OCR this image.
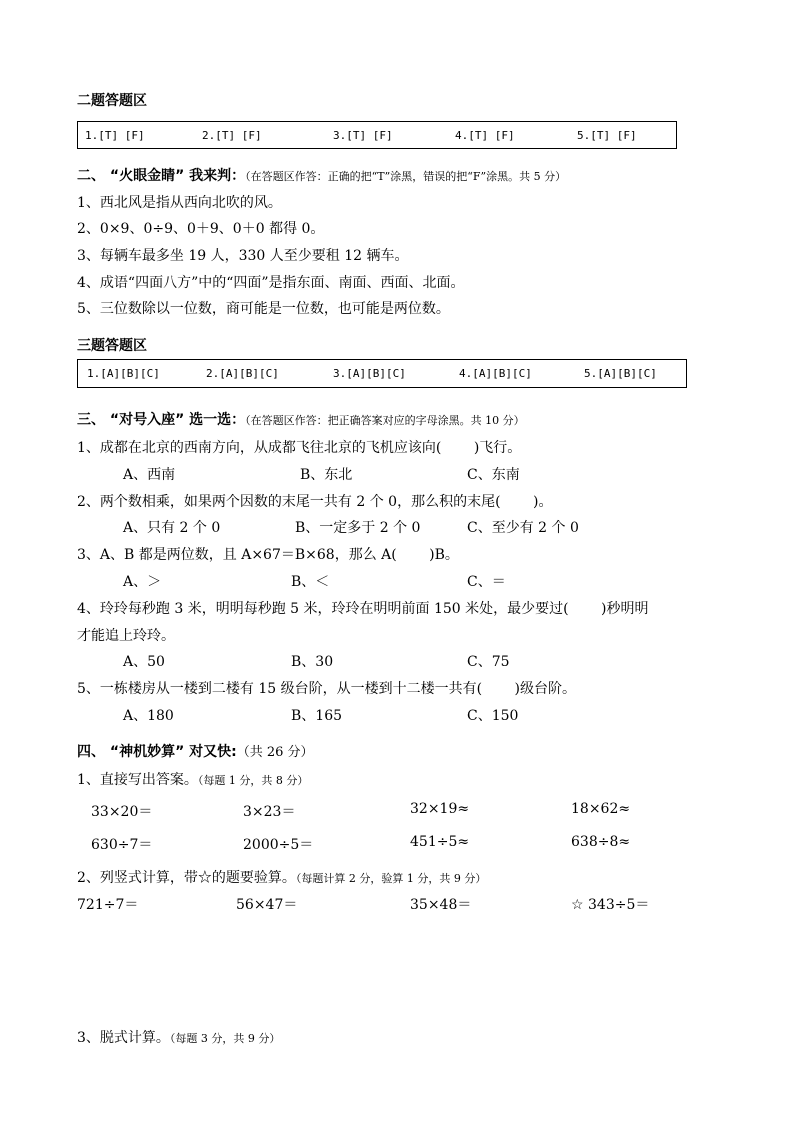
二题答题区
1.[T] [F]	2.[T] [F]	3.[T] [F]	4.[T] [F]	5.[T] [F]
二、 “火眼金睛” 我来判：（在答题区作答：正确的把“T”涂黑，错误的把“F”涂黑。共 5 分）
1、西北风是指从西向北吹的风。
2、0×9、0÷9、0＋9、0＋0 都得 0。
3、每辆车最多坐 19 人，330 人至少要租 12 辆车。
4、成语“四面八方”中的“四面”是指东面、南面、西面、北面。
5、三位数除以一位数，商可能是一位数，也可能是两位数。
三题答题区
1.[A][B][C]	2.[A][B][C]	3.[A][B][C]	4.[A][B][C]	5.[A][B][C]
三、 “对号入座” 选一选：（在答题区作答：把正确答案对应的字母涂黑。共 10 分）
1、成都在北京的西南方向，从成都飞往北京的飞机应该向(　　 )飞行。
A、西南	B、东北	C、东南
2、两个数相乘，如果两个因数的末尾一共有 2 个 0，那么积的末尾(　　 )。
A、只有 2 个 0	B、一定多于 2 个 0	C、至少有 2 个 0
3、A、B 都是两位数，且 A×67＝B×68，那么 A(　　 )B。
A、＞	B、＜	C、＝
4、玲玲每秒跑 3 米，明明每秒跑 5 米，玲玲在明明前面 150 米处，最少要过(　　 )秒明明
才能追上玲玲。
A、50	B、30	C、75
5、一栋楼房从一楼到二楼有 15 级台阶，从一楼到十二楼一共有(　　 )级台阶。
A、180	B、165	C、150
四、 “神机妙算” 对又快:（共 26 分）
1、直接写出答案。（每题 1 分，共 8 分）
33×20＝	3×23＝	32×19≈	18×62≈
630÷7＝	2000÷5＝	451÷5≈	638÷8≈
2、列竖式计算，带☆的题要验算。（每题计算 2 分，验算 1 分，共 9 分）
721÷7＝	56×47＝	35×48＝	☆ 343÷5＝
3、脱式计算。（每题 3 分，共 9 分）
